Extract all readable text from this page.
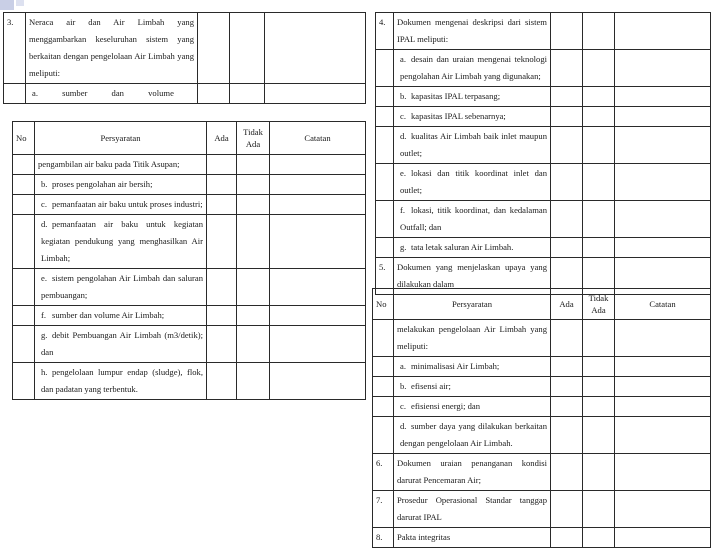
3.	Neraca air dan Air Limbah yang menggambarkan keseluruhan sistem yang berkaitan dengan pengelolaan Air Limbah yang meliputi:			

	a. sumber dan volume			
No	Persyaratan	Ada	Tidak Ada	Catatan
	pengambilan air baku pada Titik Asupan;			
	b. proses pengolahan air bersih;			
	c. pemanfaatan air baku untuk proses industri;			
	d. pemanfaatan air baku untuk kegiatan kegiatan pendukung yang menghasilkan Air Limbah;			
	e. sistem pengolahan Air Limbah dan saluran pembuangan;			
	f. sumber dan volume Air Limbah;			
	g. debit Pembuangan Air Limbah (m3/detik); dan			
	h. pengelolaan lumpur endap (sludge), flok, dan padatan yang terbentuk.			
4.	Dokumen mengenai deskripsi dari sistem IPAL meliputi:			
	a. desain dan uraian mengenai teknologi pengolahan Air Limbah yang digunakan;			
	b. kapasitas IPAL terpasang;			
	c. kapasitas IPAL sebenarnya;			
	d. kualitas Air Limbah baik inlet maupun outlet;			
	e. lokasi dan titik koordinat inlet dan outlet;			
	f. lokasi, titik koordinat, dan kedalaman Outfall; dan			
	g. tata letak saluran Air Limbah.			
5.	Dokumen yang menjelaskan upaya yang dilakukan dalam			
No	Persyaratan	Ada	Tidak Ada	Catatan
	melakukan pengelolaan Air Limbah yang meliputi:			
	a. minimalisasi Air Limbah;			
	b. efisensi air;			
	c. efisiensi energi; dan			
	d. sumber daya yang dilakukan berkaitan dengan pengelolaan Air Limbah.			
6.	Dokumen uraian penanganan kondisi darurat Pencemaran Air;			
7.	Prosedur Operasional Standar tanggap darurat IPAL			
8.	Pakta integritas			
